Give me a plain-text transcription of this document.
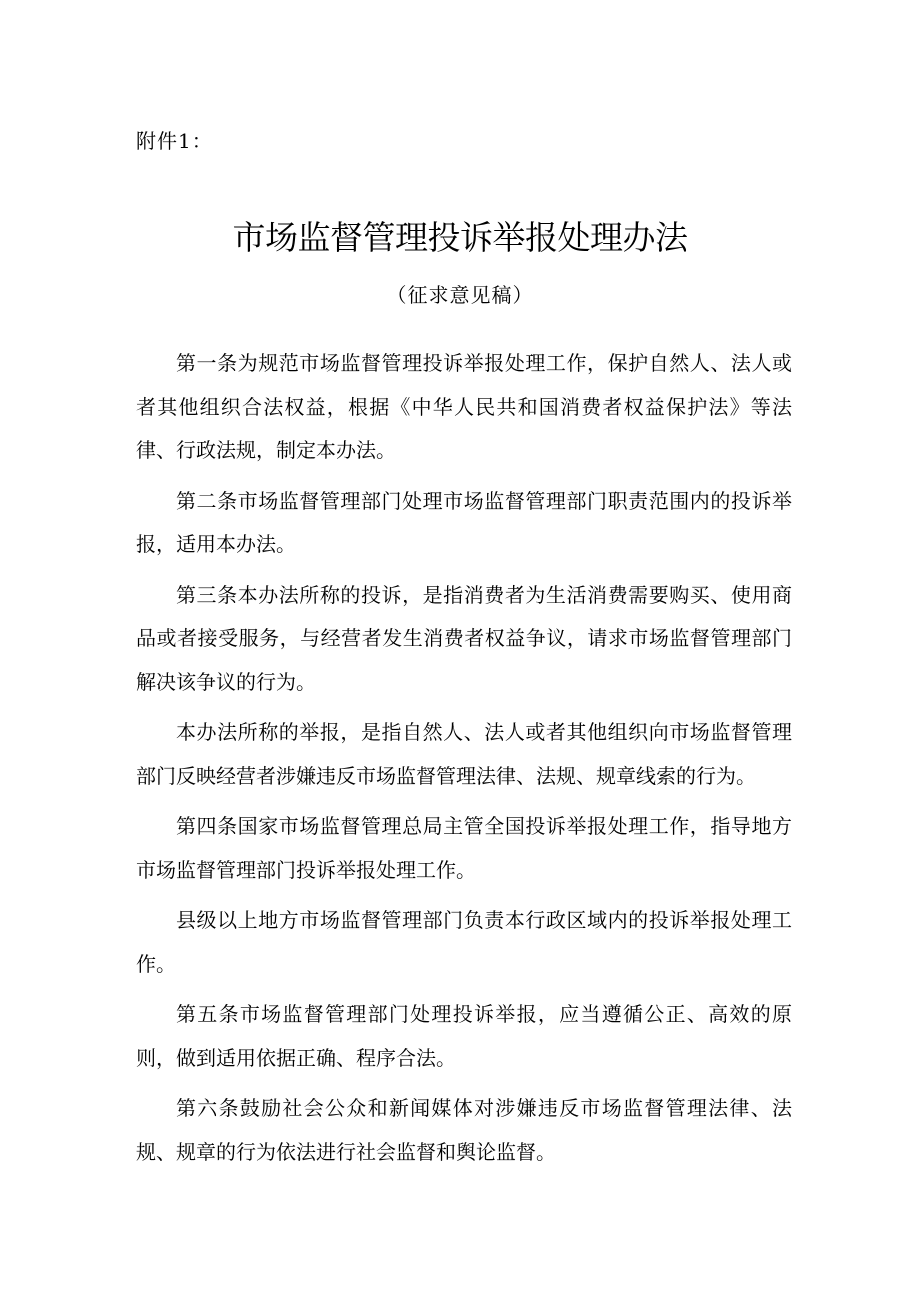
附件1：
市场监督管理投诉举报处理办法
（征求意见稿）

第一条为规范市场监督管理投诉举报处理工作，保护自然人、法人或者其他组织合法权益，根据《中华人民共和国消费者权益保护法》等法律、行政法规，制定本办法。

第二条市场监督管理部门处理市场监督管理部门职责范围内的投诉举报，适用本办法。

第三条本办法所称的投诉，是指消费者为生活消费需要购买、使用商品或者接受服务，与经营者发生消费者权益争议，请求市场监督管理部门解决该争议的行为。

本办法所称的举报，是指自然人、法人或者其他组织向市场监督管理部门反映经营者涉嫌违反市场监督管理法律、法规、规章线索的行为。

第四条国家市场监督管理总局主管全国投诉举报处理工作，指导地方市场监督管理部门投诉举报处理工作。

县级以上地方市场监督管理部门负责本行政区域内的投诉举报处理工作。

第五条市场监督管理部门处理投诉举报，应当遵循公正、高效的原则，做到适用依据正确、程序合法。

第六条鼓励社会公众和新闻媒体对涉嫌违反市场监督管理法律、法规、规章的行为依法进行社会监督和舆论监督。
